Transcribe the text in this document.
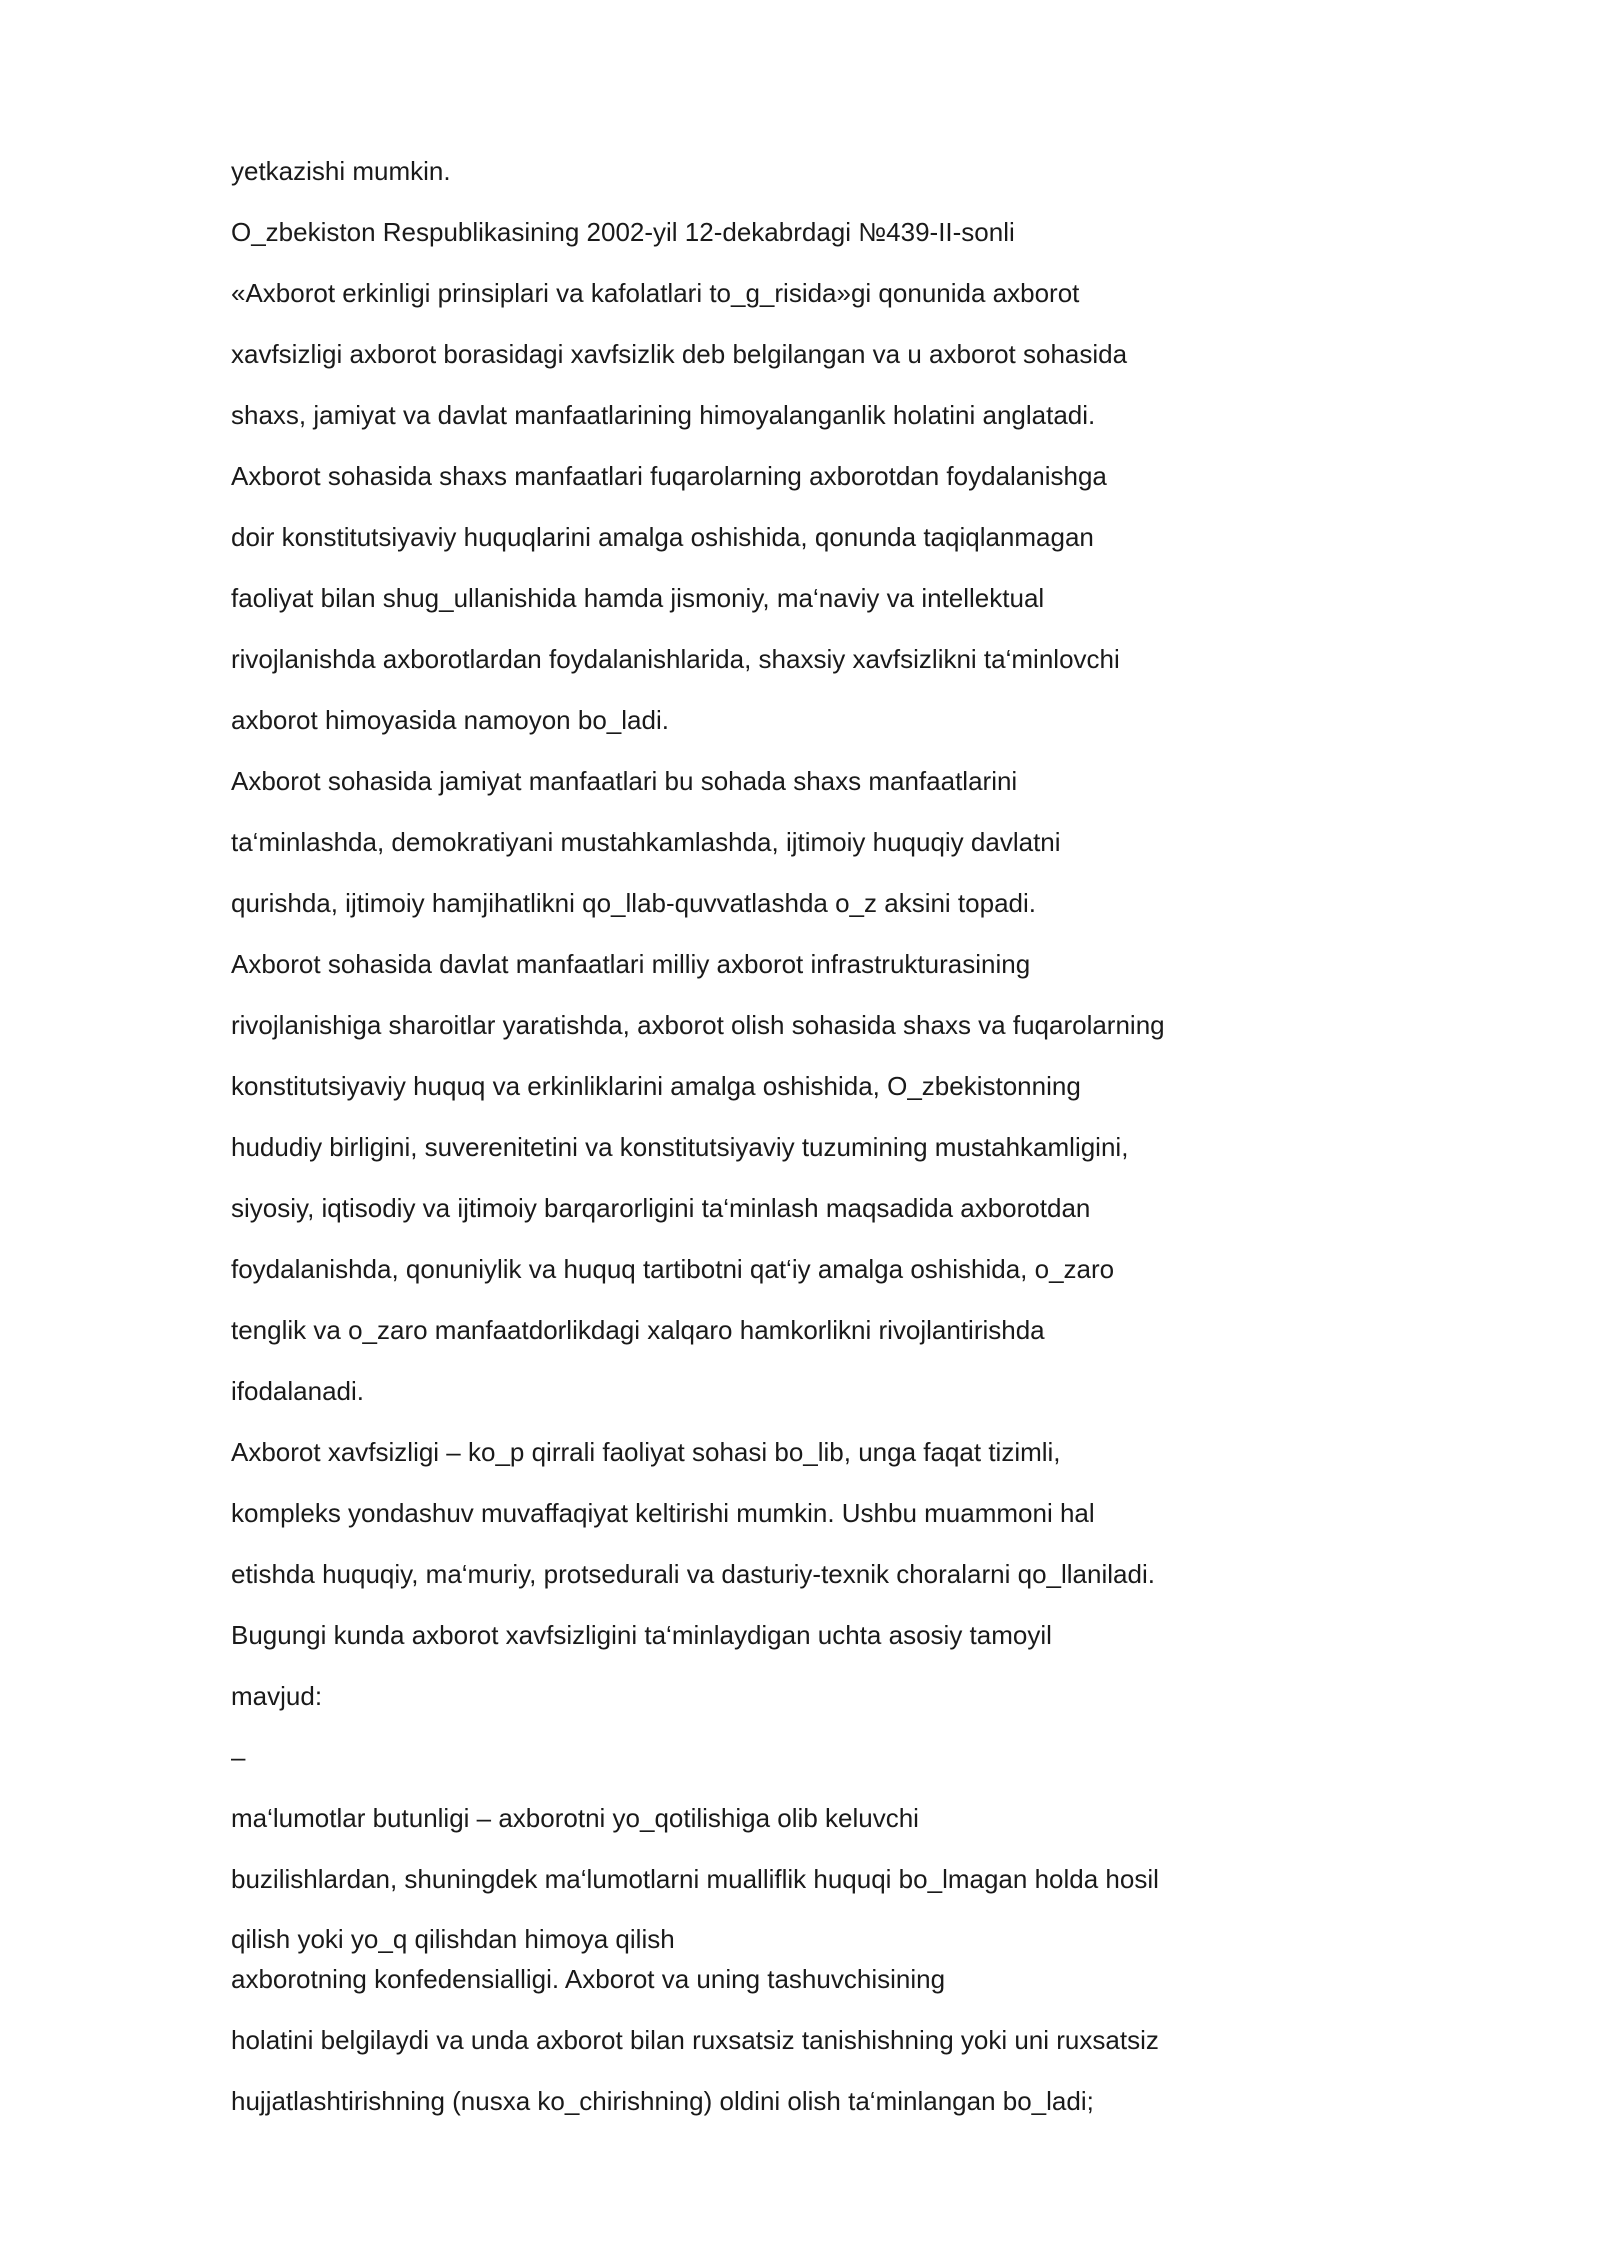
yetkazishi mumkin.
O_zbekiston Respublikasining 2002-yil 12-dekabrdagi №439-II-sonli
«Axborot erkinligi prinsiplari va kafolatlari to_g_risida»gi qonunida axborot
xavfsizligi axborot borasidagi xavfsizlik deb belgilangan va u axborot sohasida
shaxs, jamiyat va davlat manfaatlarining himoyalanganlik holatini anglatadi.
Axborot sohasida shaxs manfaatlari fuqarolarning axborotdan foydalanishga
doir konstitutsiyaviy huquqlarini amalga oshishida, qonunda taqiqlanmagan
faoliyat bilan shug_ullanishida hamda jismoniy, ma‘naviy va intellektual
rivojlanishda axborotlardan foydalanishlarida, shaxsiy xavfsizlikni ta‘minlovchi
axborot himoyasida namoyon bo_ladi.
Axborot sohasida jamiyat manfaatlari bu sohada shaxs manfaatlarini
ta‘minlashda, demokratiyani mustahkamlashda, ijtimoiy huquqiy davlatni
qurishda, ijtimoiy hamjihatlikni qo_llab-quvvatlashda o_z aksini topadi.
Axborot sohasida davlat manfaatlari milliy axborot infrastrukturasining
rivojlanishiga sharoitlar yaratishda, axborot olish sohasida shaxs va fuqarolarning
konstitutsiyaviy huquq va erkinliklarini amalga oshishida, O_zbekistonning
hududiy birligini, suverenitetini va konstitutsiyaviy tuzumining mustahkamligini,
siyosiy, iqtisodiy va ijtimoiy barqarorligini ta‘minlash maqsadida axborotdan
foydalanishda, qonuniylik va huquq tartibotni qat‘iy amalga oshishida, o_zaro
tenglik va o_zaro manfaatdorlikdagi xalqaro hamkorlikni rivojlantirishda
ifodalanadi.
Axborot xavfsizligi – ko_p qirrali faoliyat sohasi bo_lib, unga faqat tizimli,
kompleks yondashuv muvaffaqiyat keltirishi mumkin. Ushbu muammoni hal
etishda huquqiy, ma‘muriy, protsedurali va dasturiy-texnik choralarni qo_llaniladi.
Bugungi kunda axborot xavfsizligini ta‘minlaydigan uchta asosiy tamoyil
mavjud:
–
ma‘lumotlar butunligi – axborotni yo_qotilishiga olib keluvchi
buzilishlardan, shuningdek ma‘lumotlarni mualliflik huquqi bo_lmagan holda hosil
qilish yoki yo_q qilishdan himoya qilish
axborotning konfedensialligi. Axborot va uning tashuvchisining
holatini belgilaydi va unda axborot bilan ruxsatsiz tanishishning yoki uni ruxsatsiz
hujjatlashtirishning (nusxa ko_chirishning) oldini olish ta‘minlangan bo_ladi;
